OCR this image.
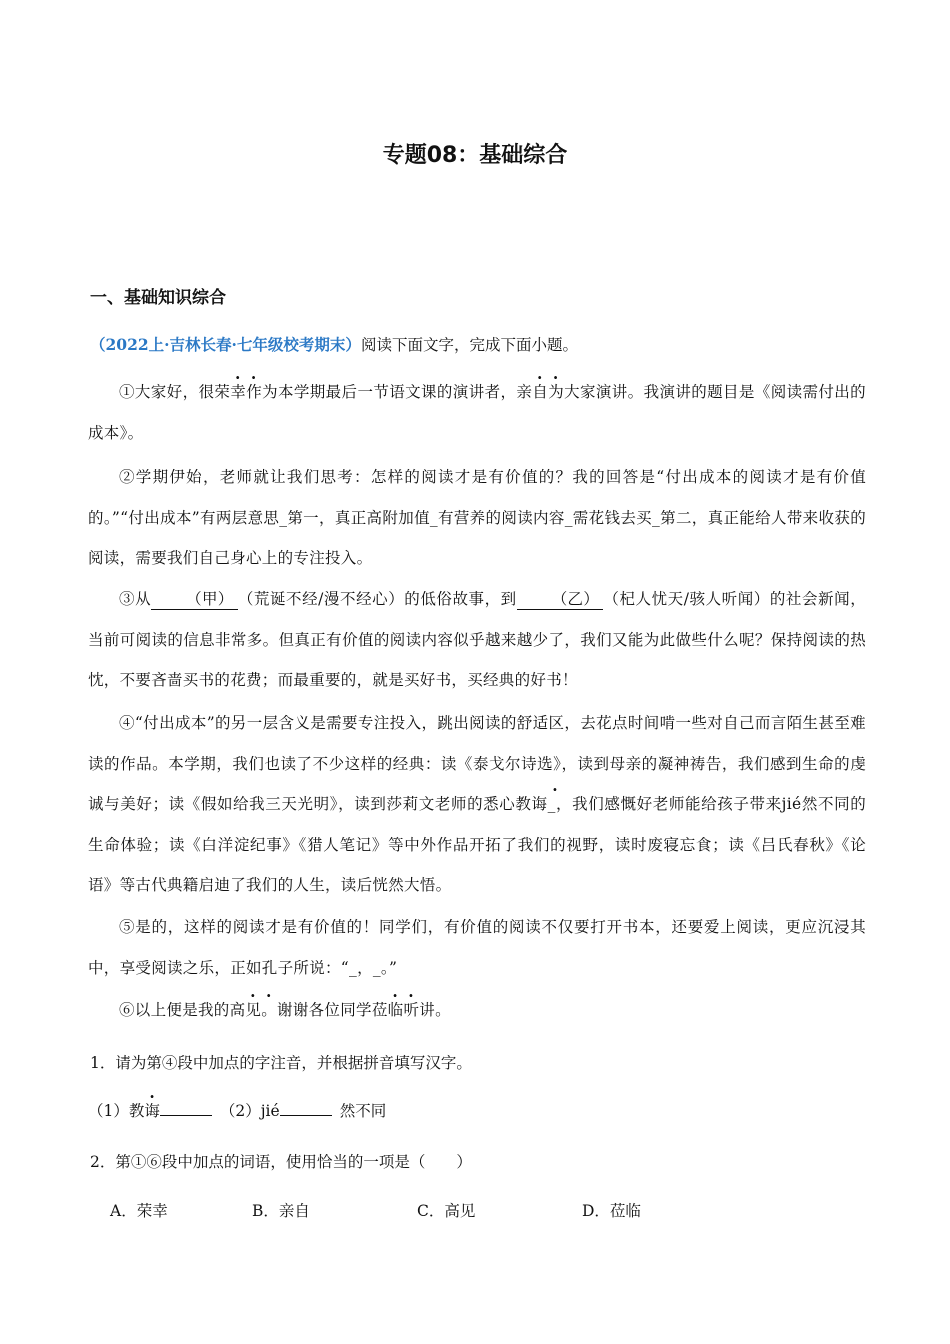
专题08：基础综合
一、基础知识综合
（2022上·吉林长春·七年级校考期末）阅读下面文字，完成下面小题。

①大家好，很荣幸作为本学期最后一节语文课的演讲者，亲自为大家演讲。我演讲的题目是《阅读需付出的成本》。

②学期伊始，老师就让我们思考：怎样的阅读才是有价值的？我的回答是“付出成本的阅读才是有价值的。”“付出成本”有两层意思_第一，真正高附加值_有营养的阅读内容_需花钱去买_第二，真正能给人带来收获的阅读，需要我们自己身心上的专注投入。

③从 （甲） （荒诞不经/漫不经心）的低俗故事，到 （乙） （杞人忧天/骇人听闻）的社会新闻，当前可阅读的信息非常多。但真正有价值的阅读内容似乎越来越少了，我们又能为此做些什么呢？保持阅读的热忱，不要吝啬买书的花费；而最重要的，就是买好书，买经典的好书！

④“付出成本”的另一层含义是需要专注投入，跳出阅读的舒适区，去花点时间啃一些对自己而言陌生甚至难读的作品。本学期，我们也读了不少这样的经典：读《泰戈尔诗选》，读到母亲的凝神祷告，我们感到生命的虔诚与美好；读《假如给我三天光明》，读到莎莉文老师的悉心教诲_，我们感慨好老师能给孩子带来jié然不同的生命体验；读《白洋淀纪事》《猎人笔记》等中外作品开拓了我们的视野，读时废寝忘食；读《吕氏春秋》《论语》等古代典籍启迪了我们的人生，读后恍然大悟。

⑤是的，这样的阅读才是有价值的！同学们，有价值的阅读不仅要打开书本，还要爱上阅读，更应沉浸其中，享受阅读之乐，正如孔子所说：“_，_。”

⑥以上便是我的高见。谢谢各位同学莅临听讲。

1．请为第④段中加点的字注音，并根据拼音填写汉字。
（1）教诲	（2）jié	然不同
2．第①⑥段中加点的词语，使用恰当的一项是（　　）
A．荣幸	B．亲自	C．高见	D．莅临
